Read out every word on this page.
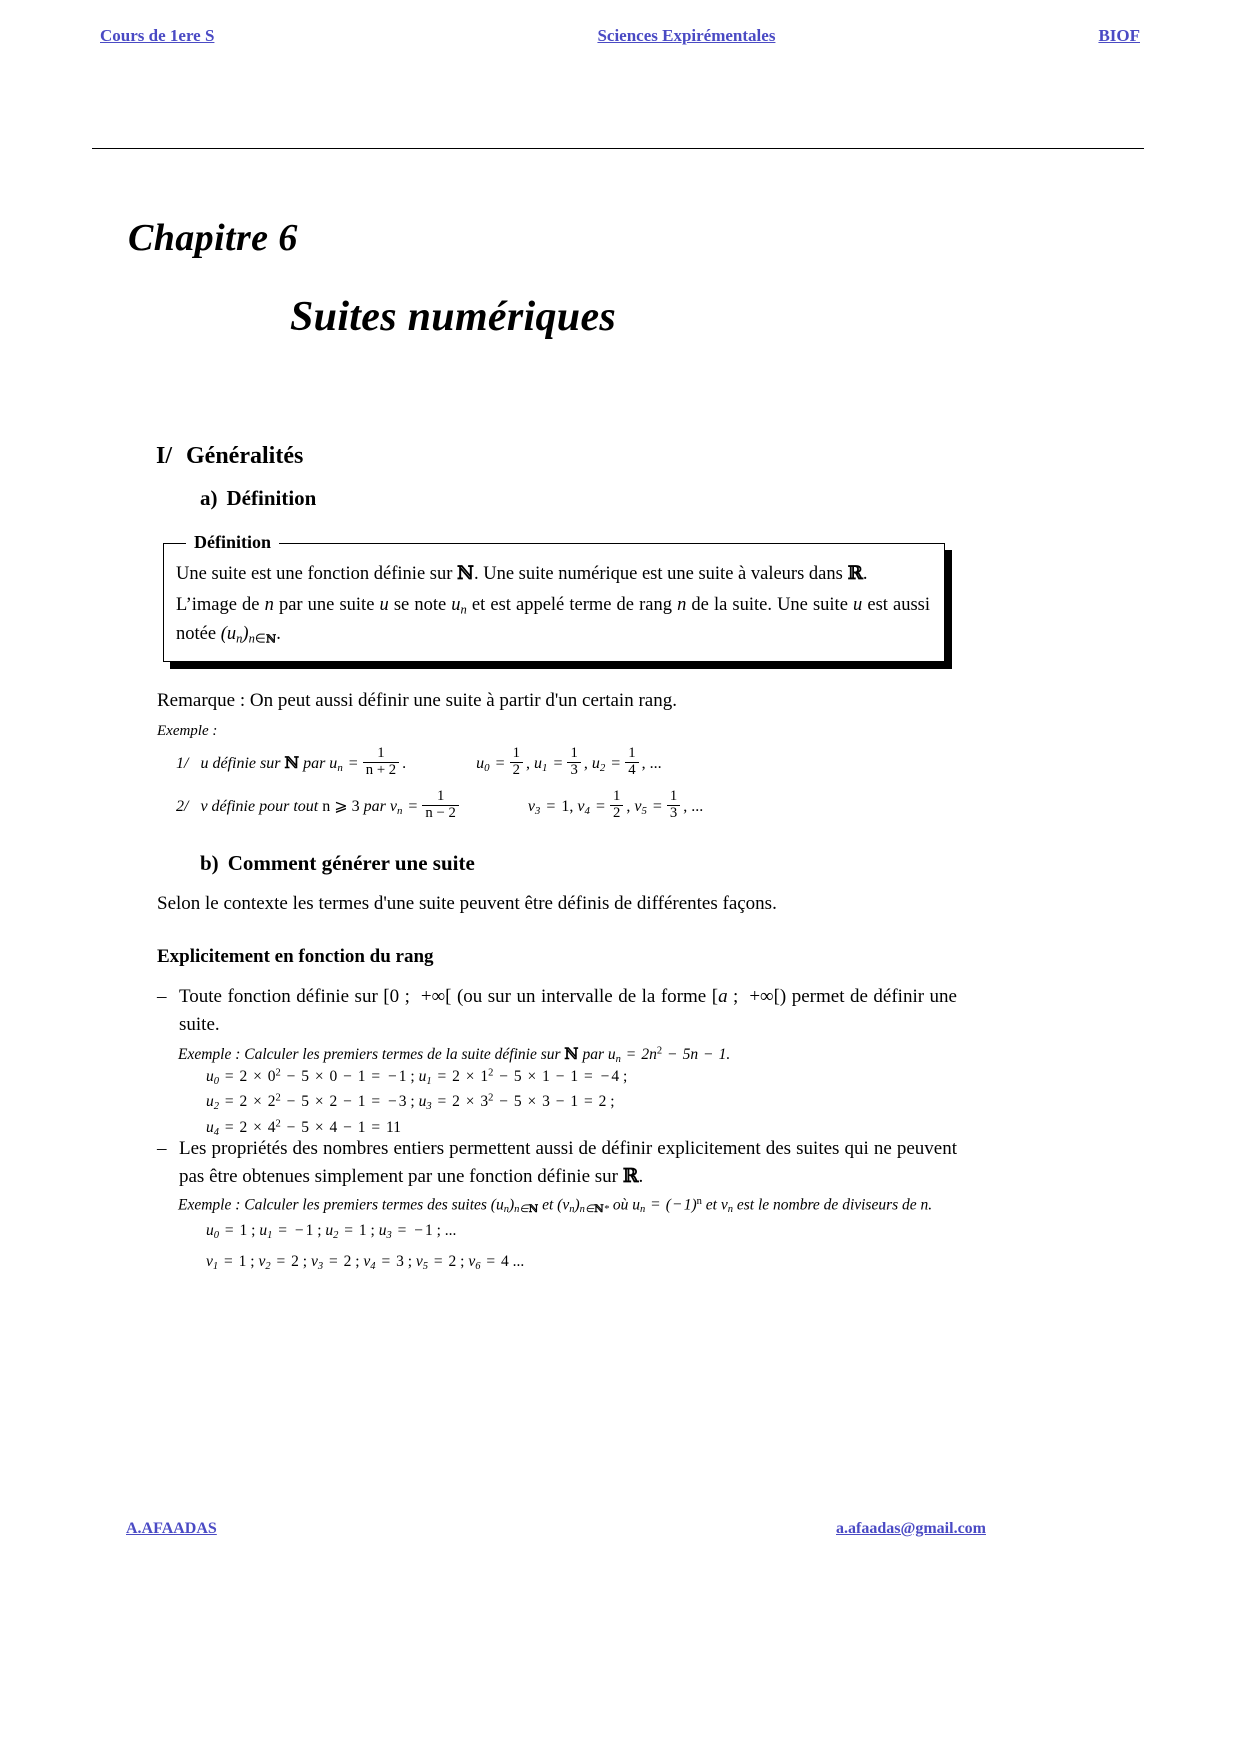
Cours de 1ere S	Sciences Expirémentales	BIOF
Chapitre 6
Suites numériques
I/ Généralités
a) Définition
Définition

Une suite est une fonction définie sur ℕ. Une suite numérique est une suite à valeurs dans ℝ.

L’image de n par une suite u se note $u_n$ et est appelé terme de rang n de la suite. Une suite u est aussi notée $(u_n)_{n\in ℕ}$.

Remarque : On peut aussi définir une suite à partir d'un certain rang.
Exemple :
1/   u définie sur ℕ par $u_n = \frac{1}{n + 2}$ .	$u_0 = \frac{1}{2}$ , $u_1 = \frac{1}{3}$ , $u_2 = \frac{1}{4}$ , ...
2/   v définie pour tout n ⩾ 3 par $v_n = \frac{1}{n - 2}$	$v_3 = 1$, $v_4 = \frac{1}{2}$ , $v_5 = \frac{1}{3}$ , ...
b) Comment générer une suite
Selon le contexte les termes d'une suite peuvent être définis de différentes façons.
Explicitement en fonction du rang
– Toute fonction définie sur [0 ;  +∞[ (ou sur un intervalle de la forme [a ;  +∞[) permet de définir une suite.
Exemple : Calculer les premiers termes de la suite définie sur ℕ par $u_n = 2n^2 - 5n - 1$.
$u_0 = 2 \times 0^2 - 5 \times 0 - 1$ = − 1 ; $u_1 = 2 \times 1^2 - 5 \times 1 - 1$ = − 4 ;
$u_2 = 2 \times 2^2 - 5 \times 2 - 1$ = − 3 ; $u_3 = 2 \times 3^2 - 5 \times 3 - 1 = 2$ ;
$u_4 = 2 \times 4^2 - 5 \times 4 - 1 = 11$
– Les propriétés des nombres entiers permettent aussi de définir explicitement des suites qui ne peuvent pas être obtenues simplement par une fonction définie sur ℝ.
Exemple : Calculer les premiers termes des suites $(u_n)_{n\in ℕ}$ et $(v_n)_{n\in ℕ*}$ où $u_n$ = ( − 1)$^n$ et $v_n$ est le nombre de diviseurs de n.
$u_0 = 1$ ; $u_1$ = − 1 ; $u_2 = 1$ ; $u_3$ = − 1 ; ...
$v_1 = 1$ ; $v_2 = 2$ ; $v_3 = 2$ ; $v_4 = 3$ ; $v_5 = 2$ ; $v_6 = 4$ ...
A.AFAADAS	a.afaadas@gmail.com
